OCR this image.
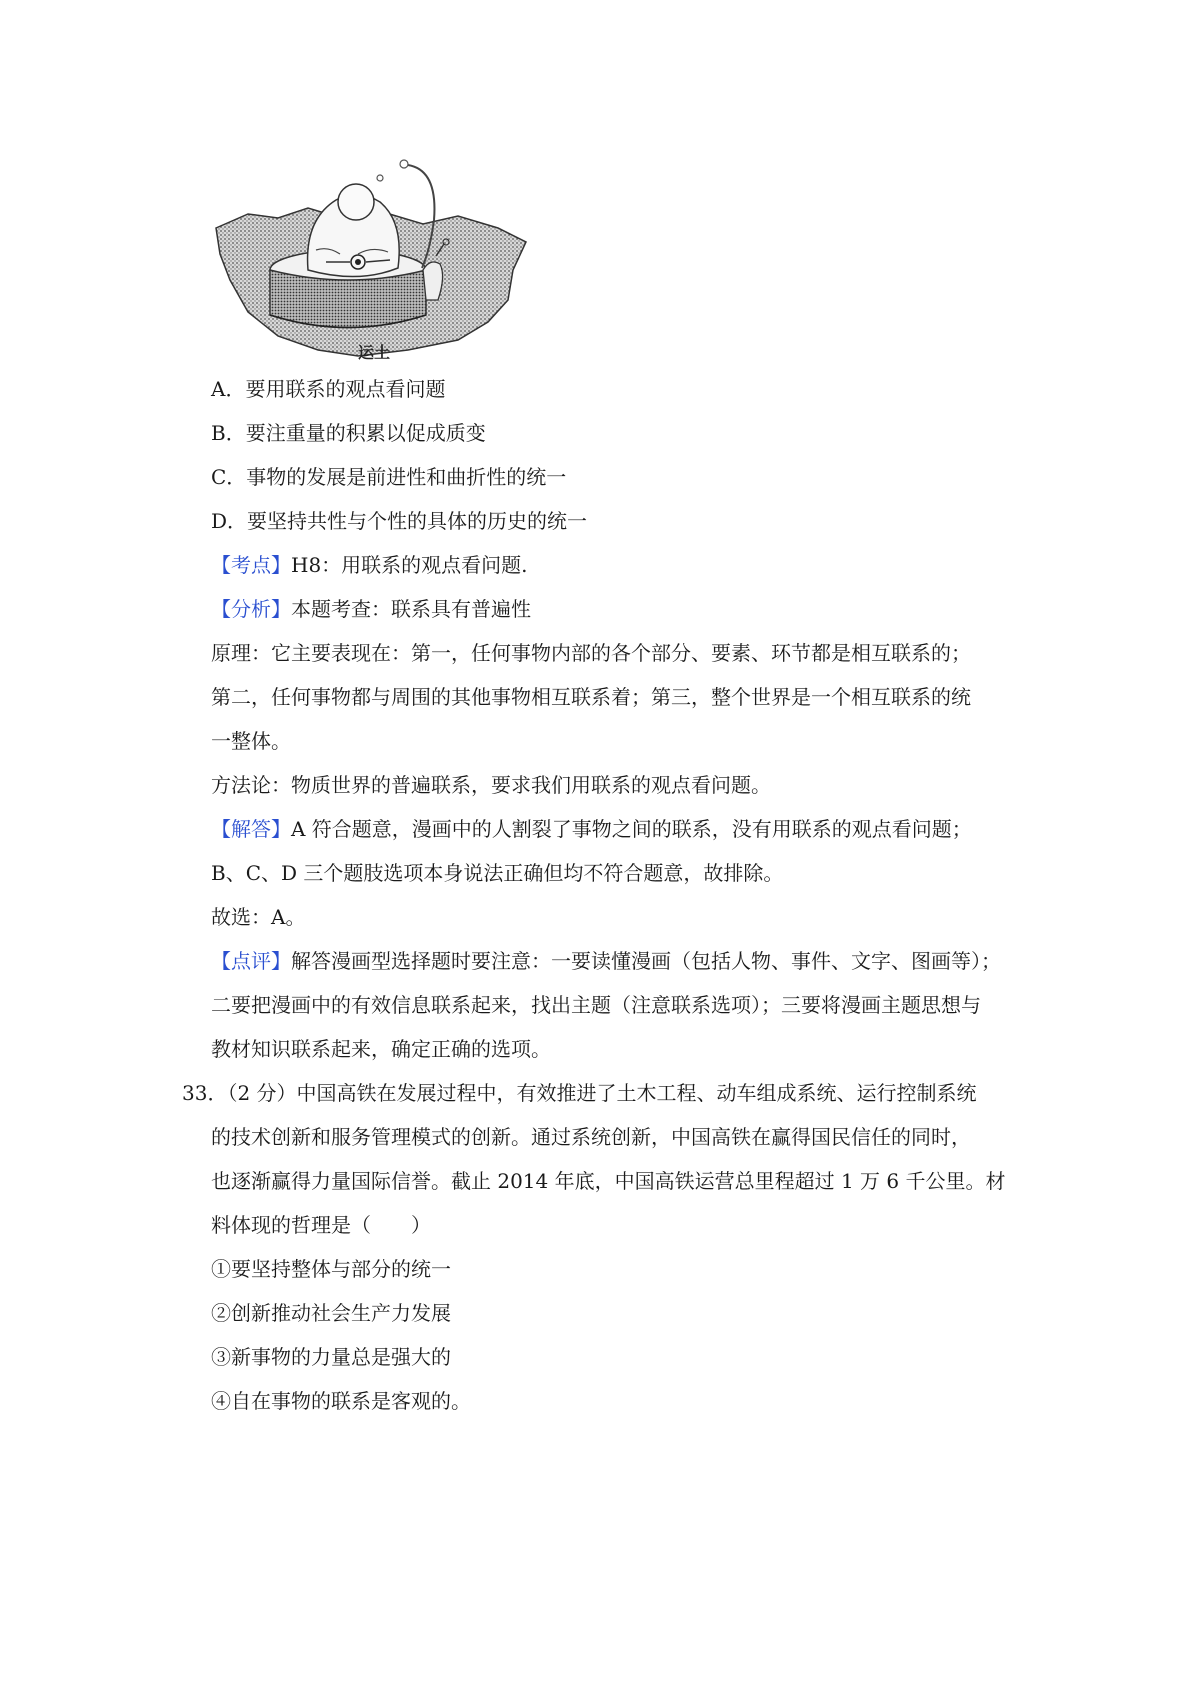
运土
A．要用联系的观点看问题
B．要注重量的积累以促成质变
C．事物的发展是前进性和曲折性的统一
D．要坚持共性与个性的具体的历史的统一
【考点】H8：用联系的观点看问题.
【分析】本题考查：联系具有普遍性
原理：它主要表现在：第一，任何事物内部的各个部分、要素、环节都是相互联系的；
第二，任何事物都与周围的其他事物相互联系着；第三，整个世界是一个相互联系的统
一整体。
方法论：物质世界的普遍联系，要求我们用联系的观点看问题。
【解答】A 符合题意，漫画中的人割裂了事物之间的联系，没有用联系的观点看问题；
B、C、D 三个题肢选项本身说法正确但均不符合题意，故排除。
故选：A。
【点评】解答漫画型选择题时要注意：一要读懂漫画（包括人物、事件、文字、图画等）；
二要把漫画中的有效信息联系起来，找出主题（注意联系选项）；三要将漫画主题思想与
教材知识联系起来，确定正确的选项。
33．（2 分）中国高铁在发展过程中，有效推进了土木工程、动车组成系统、运行控制系统
的技术创新和服务管理模式的创新。通过系统创新，中国高铁在赢得国民信任的同时，
也逐渐赢得力量国际信誉。截止 2014 年底，中国高铁运营总里程超过 1 万 6 千公里。材
料体现的哲理是（　　）
①要坚持整体与部分的统一
②创新推动社会生产力发展
③新事物的力量总是强大的
④自在事物的联系是客观的。
